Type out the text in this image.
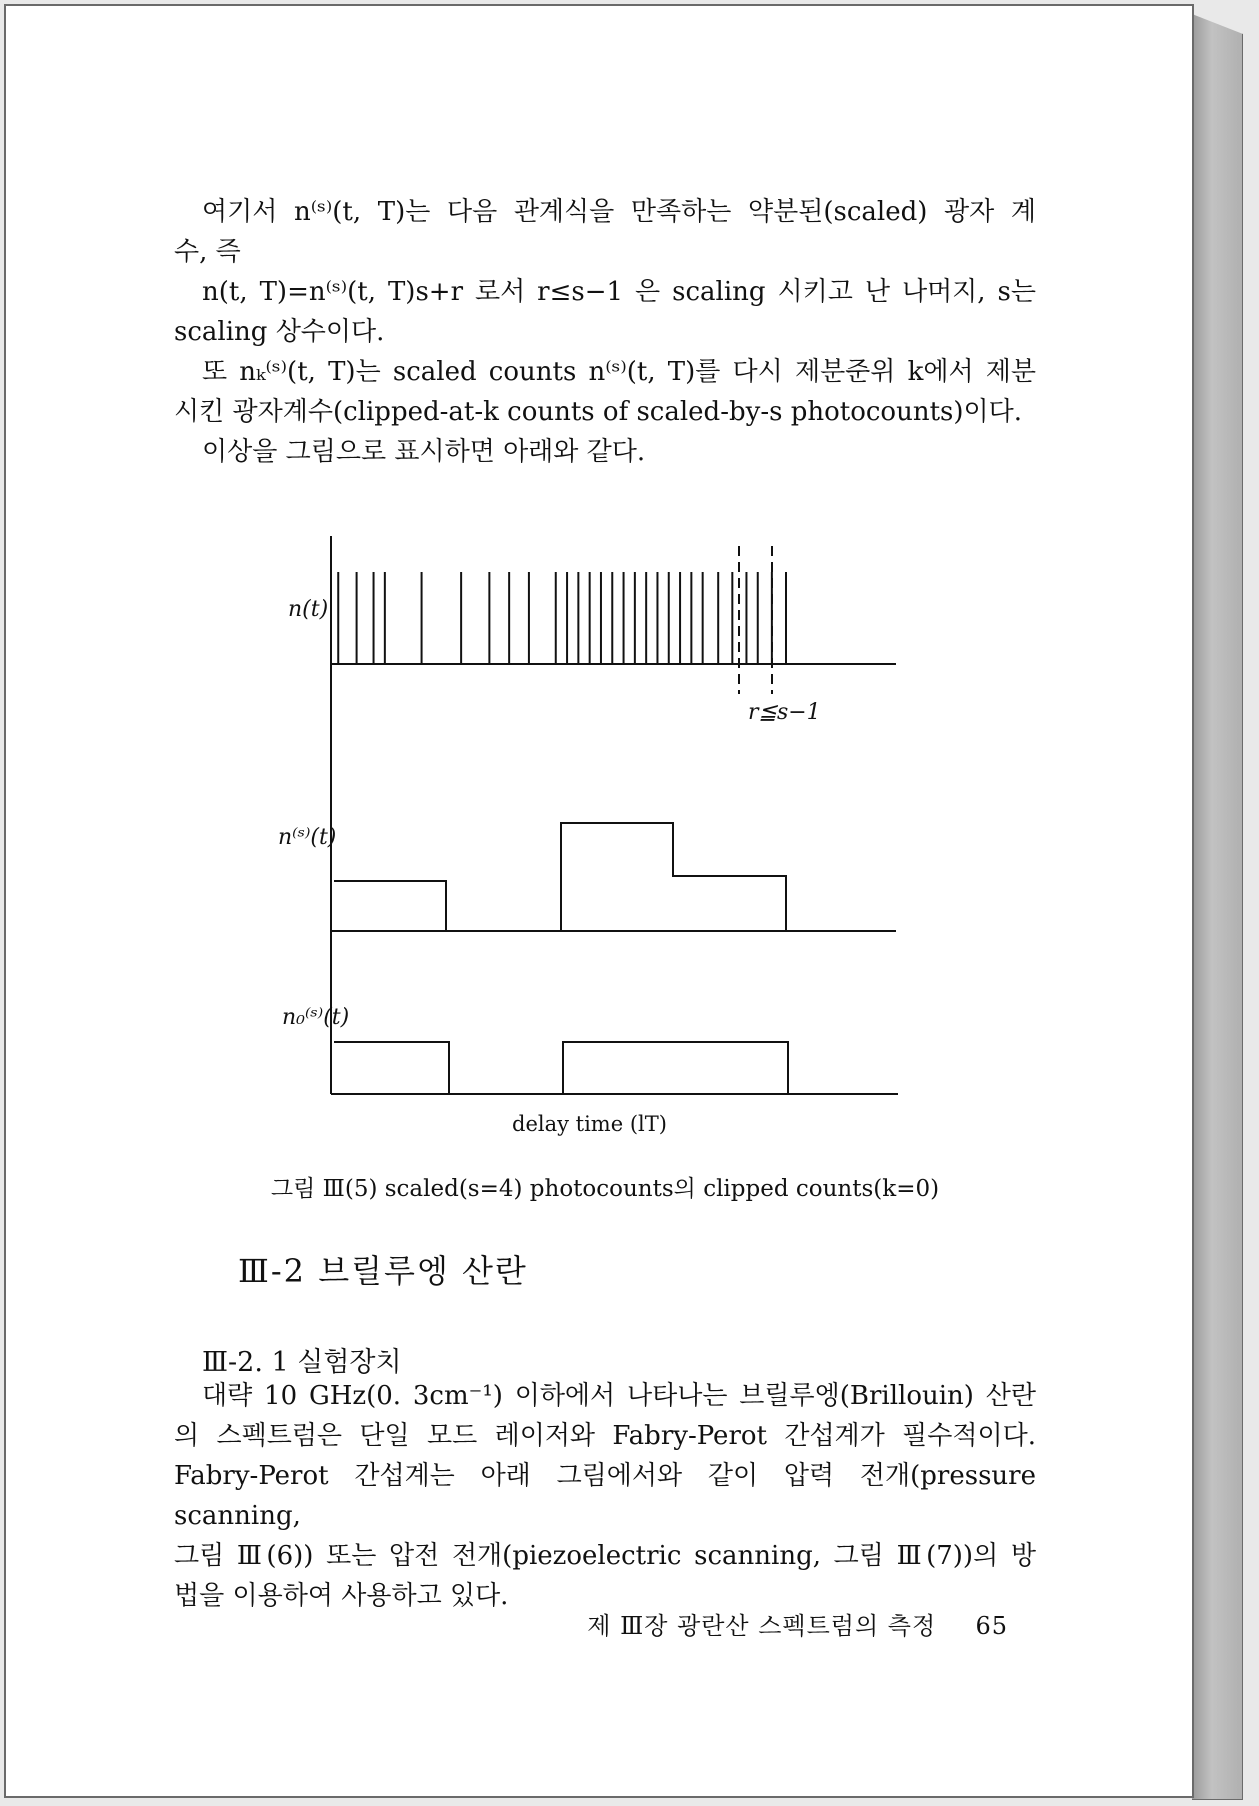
여기서 n⁽ˢ⁾(t, T)는 다음 관계식을 만족하는 약분된(scaled) 광자 계

수, 즉

n(t, T)=n⁽ˢ⁾(t, T)s+r 로서 r≤s−1 은 scaling 시키고 난 나머지, s는

scaling 상수이다.

또 nₖ⁽ˢ⁾(t, T)는 scaled counts n⁽ˢ⁾(t, T)를 다시 제분준위 k에서 제분

시킨 광자계수(clipped-at-k counts of scaled-by-s photocounts)이다.

이상을 그림으로 표시하면 아래와 같다.

r≦s−1
n(t)
n⁽ˢ⁾(t)
n₀⁽ˢ⁾(t)
delay time (lT)
그림 Ⅲ(5) scaled(s=4) photocounts의 clipped counts(k=0)
Ⅲ-2 브릴루엥 산란
Ⅲ-2. 1 실험장치

대략 10 GHz(0. 3cm⁻¹) 이하에서 나타나는 브릴루엥(Brillouin) 산란

의 스펙트럼은 단일 모드 레이저와 Fabry-Perot 간섭계가 필수적이다.

Fabry-Perot 간섭계는 아래 그림에서와 같이 압력 전개(pressure scanning,

그림 Ⅲ(6)) 또는 압전 전개(piezoelectric scanning, 그림 Ⅲ(7))의 방

법을 이용하여 사용하고 있다.

제 Ⅲ장 광란산 스펙트럼의 측정 65
